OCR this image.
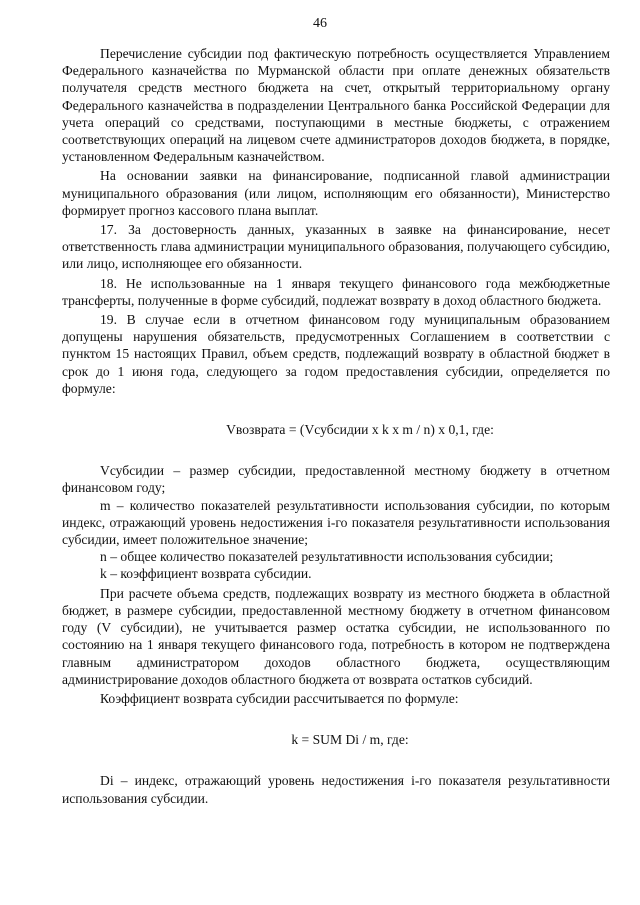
46

Перечисление субсидии под фактическую потребность осуществляется Управлением Федерального казначейства по Мурманской области при оплате денежных обязательств получателя средств местного бюджета на счет, открытый территориальному органу Федерального казначейства в подразделении Центрального банка Российской Федерации для учета операций со средствами, поступающими в местные бюджеты, с отражением соответствующих операций на лицевом счете администраторов доходов бюджета, в порядке, установленном Федеральным казначейством.

На основании заявки на финансирование, подписанной главой администрации муниципального образования (или лицом, исполняющим его обязанности), Министерство формирует прогноз кассового плана выплат.

17. За достоверность данных, указанных в заявке на финансирование, несет ответственность глава администрации муниципального образования, получающего субсидию, или лицо, исполняющее его обязанности.

18. Не использованные на 1 января текущего финансового года межбюджетные трансферты, полученные в форме субсидий, подлежат возврату в доход областного бюджета.

19. В случае если в отчетном финансовом году муниципальным образованием допущены нарушения обязательств, предусмотренных Соглашением в соответствии с пунктом 15 настоящих Правил, объем средств, подлежащий возврату в областной бюджет в срок до 1 июня года, следующего за годом предоставления субсидии, определяется по формуле:

Vвозврата = (Vсубсидии x k x m / n) x 0,1, где:

Vсубсидии – размер субсидии, предоставленной местному бюджету в отчетном финансовом году;

m – количество показателей результативности использования субсидии, по которым индекс, отражающий уровень недостижения i-го показателя результативности использования субсидии, имеет положительное значение;

n – общее количество показателей результативности использования субсидии;

k – коэффициент возврата субсидии.

При расчете объема средств, подлежащих возврату из местного бюджета в областной бюджет, в размере субсидии, предоставленной местному бюджету в отчетном финансовом году (V субсидии), не учитывается размер остатка субсидии, не использованного по состоянию на 1 января текущего финансового года, потребность в котором не подтверждена главным администратором доходов областного бюджета, осуществляющим администрирование доходов областного бюджета от возврата остатков субсидий.

Коэффициент возврата субсидии рассчитывается по формуле:

k = SUM Di / m, где:

Di – индекс, отражающий уровень недостижения i-го показателя результативности использования субсидии.
